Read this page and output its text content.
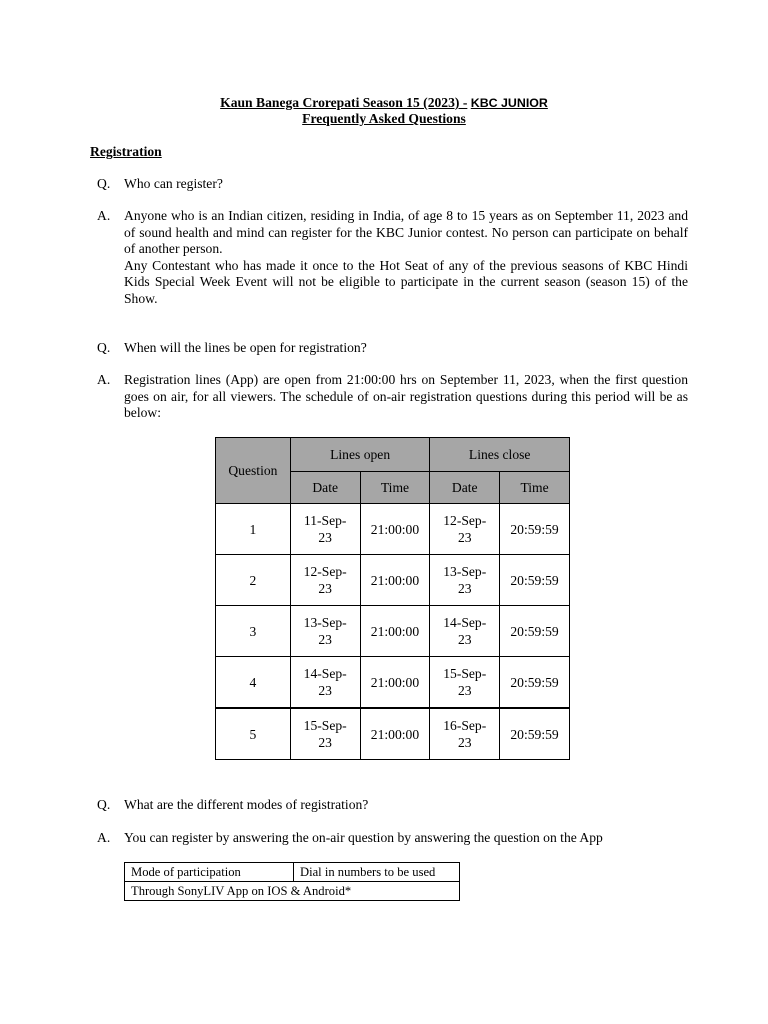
Kaun Banega Crorepati Season 15 (2023) - KBC JUNIOR
Frequently Asked Questions
Registration
Q. Who can register?
A. Anyone who is an Indian citizen, residing in India, of age 8 to 15 years as on September 11, 2023 and
of sound health and mind can register for the KBC Junior contest. No person can participate on behalf
of another person.
Any Contestant who has made it once to the Hot Seat of any of the previous seasons of KBC Hindi
Kids Special Week Event will not be eligible to participate in the current season (season 15) of the
Show.
Q. When will the lines be open for registration?
A. Registration lines (App) are open from 21:00:00 hrs on September 11, 2023, when the first question
goes on air, for all viewers. The schedule of on-air registration questions during this period will be as
below:
Question	Lines open		Lines close	
	Date	Time	Date	Time
1	11-Sep-
23	21:00:00	12-Sep-
23	20:59:59
2	12-Sep-
23	21:00:00	13-Sep-
23	20:59:59
3	13-Sep-
23	21:00:00	14-Sep-
23	20:59:59
4	14-Sep-
23	21:00:00	15-Sep-
23	20:59:59
5	15-Sep-
23	21:00:00	16-Sep-
23	20:59:59
Q. What are the different modes of registration?
A. You can register by answering the on-air question by answering the question on the App
Mode of participation	Dial in numbers to be used
Through SonyLIV App on IOS & Android*
